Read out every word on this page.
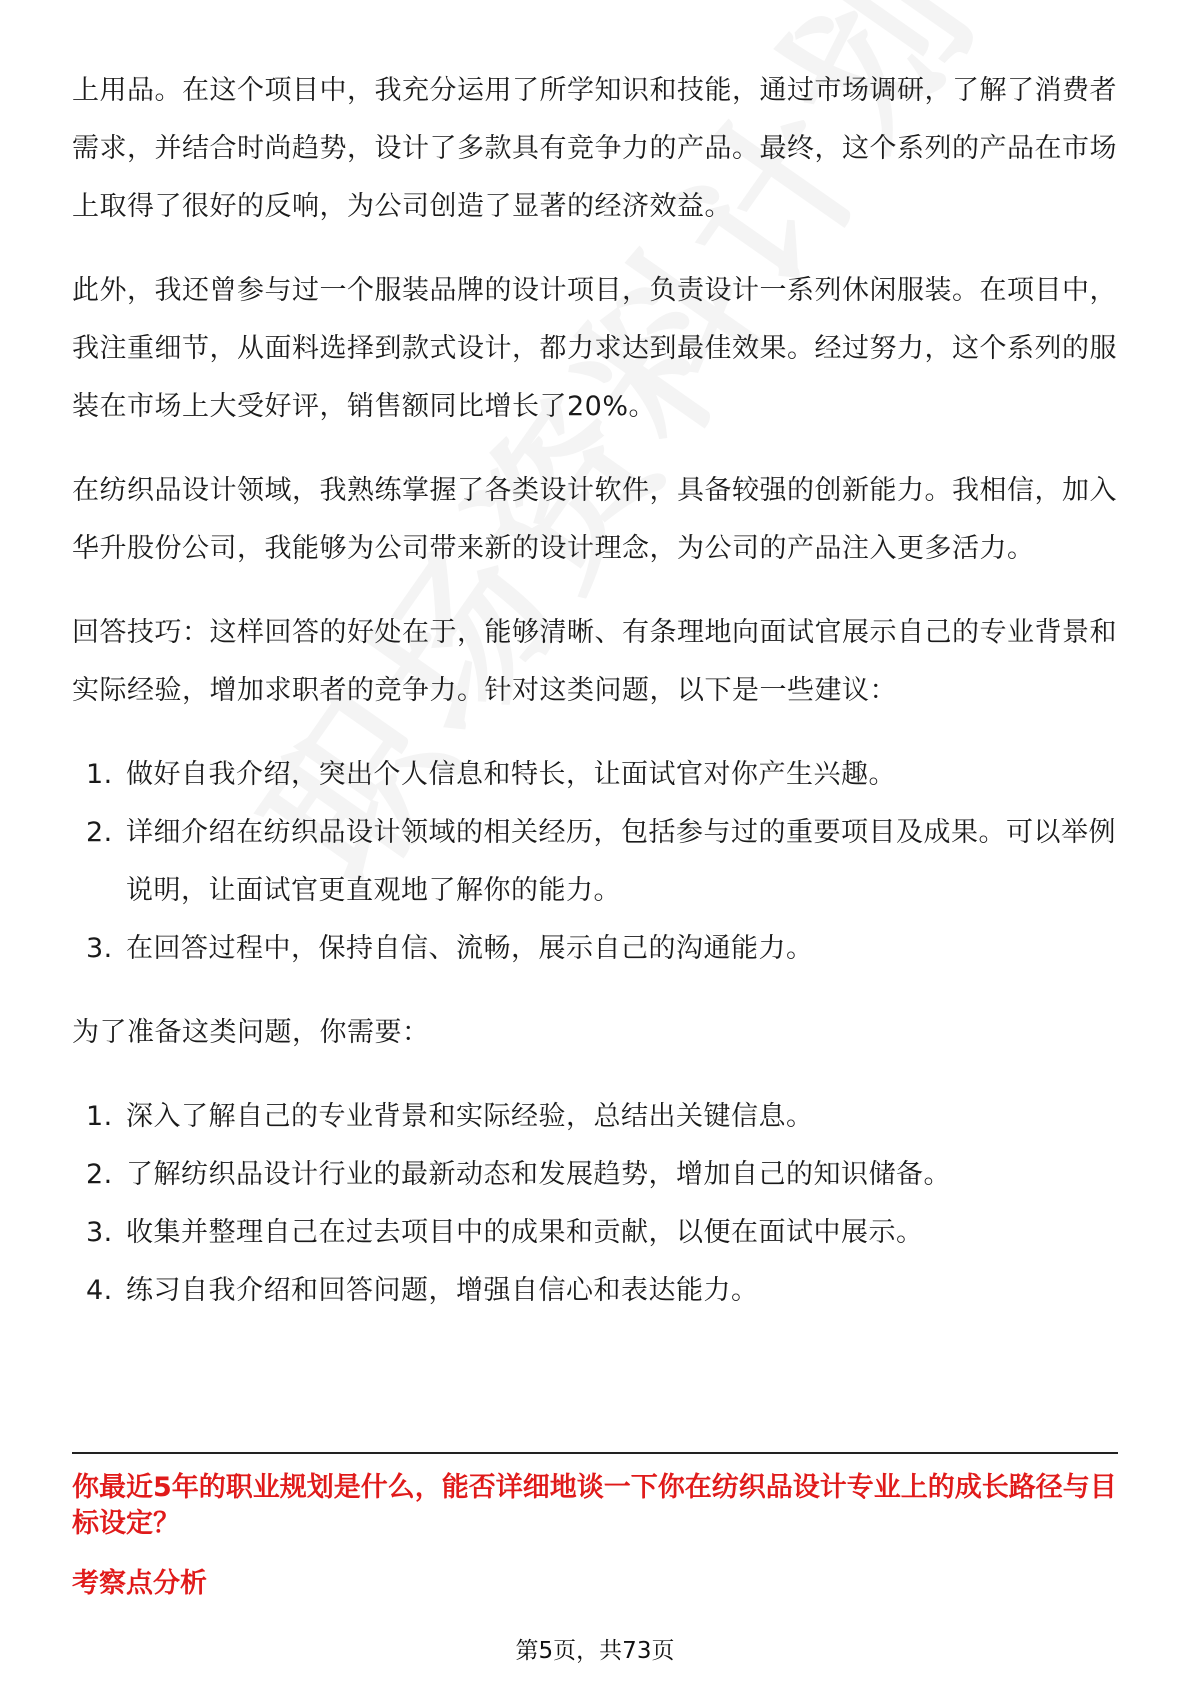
上用品。在这个项目中，我充分运用了所学知识和技能，通过市场调研，了解了消费者需求，并结合时尚趋势，设计了多款具有竞争力的产品。最终，这个系列的产品在市场上取得了很好的反响，为公司创造了显著的经济效益。

此外，我还曾参与过一个服装品牌的设计项目，负责设计一系列休闲服装。在项目中，我注重细节，从面料选择到款式设计，都力求达到最佳效果。经过努力，这个系列的服装在市场上大受好评，销售额同比增长了20%。

在纺织品设计领域，我熟练掌握了各类设计软件，具备较强的创新能力。我相信，加入华升股份公司，我能够为公司带来新的设计理念，为公司的产品注入更多活力。

回答技巧：这样回答的好处在于，能够清晰、有条理地向面试官展示自己的专业背景和实际经验，增加求职者的竞争力。针对这类问题，以下是一些建议：

1. 做好自我介绍，突出个人信息和特长，让面试官对你产生兴趣。
2. 详细介绍在纺织品设计领域的相关经历，包括参与过的重要项目及成果。可以举例说明，让面试官更直观地了解你的能力。
3. 在回答过程中，保持自信、流畅，展示自己的沟通能力。

为了准备这类问题，你需要：

1. 深入了解自己的专业背景和实际经验，总结出关键信息。
2. 了解纺织品设计行业的最新动态和发展趋势，增加自己的知识储备。
3. 收集并整理自己在过去项目中的成果和贡献，以便在面试中展示。
4. 练习自我介绍和回答问题，增强自信心和表达能力。
你最近5年的职业规划是什么，能否详细地谈一下你在纺织品设计专业上的成长路径与目标设定？
考察点分析
第5页，共73页
